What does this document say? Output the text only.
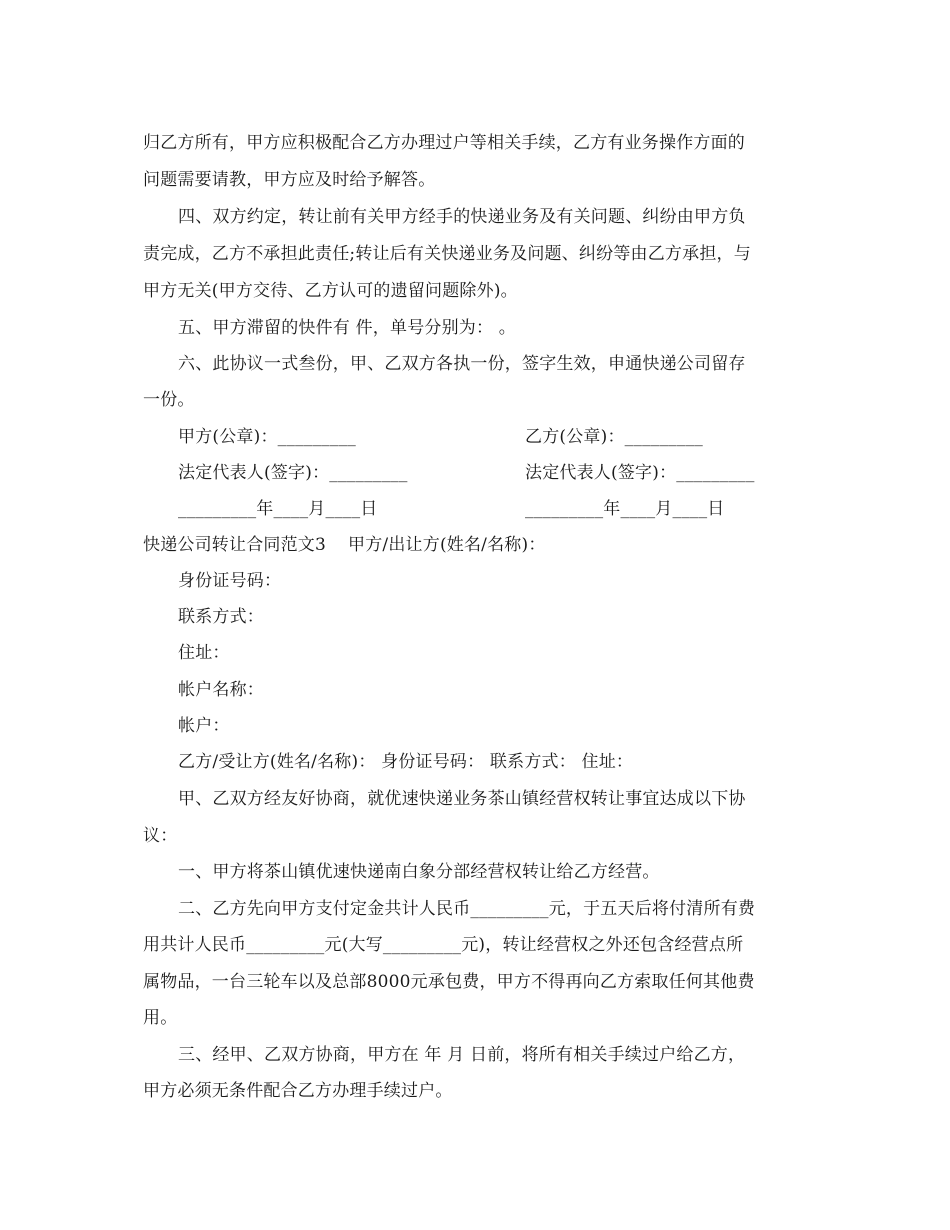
归乙方所有，甲方应积极配合乙方办理过户等相关手续，乙方有业务操作方面的
问题需要请教，甲方应及时给予解答。
四、双方约定，转让前有关甲方经手的快递业务及有关问题、纠纷由甲方负
责完成，乙方不承担此责任;转让后有关快递业务及问题、纠纷等由乙方承担，与
甲方无关(甲方交待、乙方认可的遗留问题除外)。
五、甲方滞留的快件有 件，单号分别为： 。
六、此协议一式叁份，甲、乙双方各执一份，签字生效，申通快递公司留存
一份。
甲方(公章)：_________	乙方(公章)：_________
法定代表人(签字)：_________	法定代表人(签字)：_________
_________年____月____日	_________年____月____日
快递公司转让合同范文3 甲方/出让方(姓名/名称)：
身份证号码：
联系方式：
住址：
帐户名称：
帐户：
乙方/受让方(姓名/名称)： 身份证号码： 联系方式： 住址：
甲、乙双方经友好协商，就优速快递业务茶山镇经营权转让事宜达成以下协
议：
一、甲方将茶山镇优速快递南白象分部经营权转让给乙方经营。
二、乙方先向甲方支付定金共计人民币_________元，于五天后将付清所有费
用共计人民币_________元(大写_________元)，转让经营权之外还包含经营点所
属物品，一台三轮车以及总部8000元承包费，甲方不得再向乙方索取任何其他费
用。
三、经甲、乙双方协商，甲方在 年 月 日前，将所有相关手续过户给乙方，
甲方必须无条件配合乙方办理手续过户。
